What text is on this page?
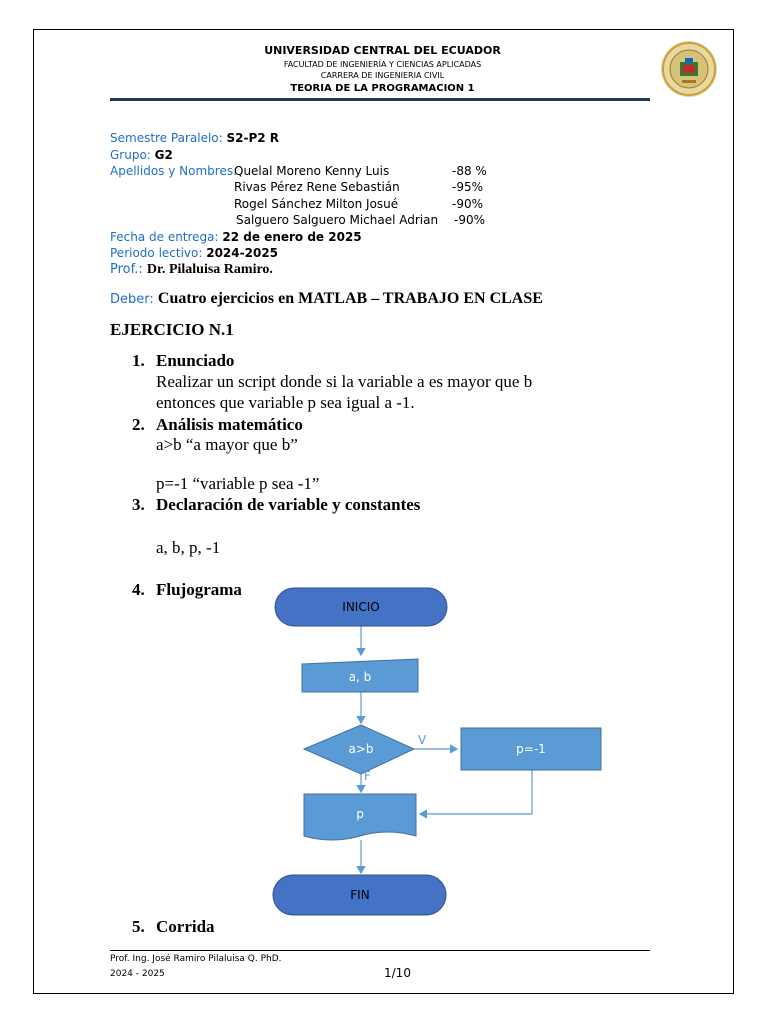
UNIVERSIDAD CENTRAL DEL ECUADOR
FACULTAD DE INGENIERÍA Y CIENCIAS APLICADAS
CARRERA DE INGENIERIA CIVIL
TEORIA DE LA PROGRAMACION 1
Semestre Paralelo: S2-P2 R
Grupo: G2
Apellidos y Nombres:
Quelal Moreno Kenny Luis	-88 %
Rivas Pérez Rene Sebastián	-95%
Rogel Sánchez Milton Josué	-90%
Salguero Salguero Michael Adrian -90%
Fecha de entrega: 22 de enero de 2025
Periodo lectivo: 2024-2025
Prof.: Dr. Pilaluisa Ramiro.
Deber: Cuatro ejercicios en MATLAB – TRABAJO EN CLASE
EJERCICIO N.1
1. Enunciado
Realizar un script donde si la variable a es mayor que b
entonces que variable p sea igual a -1.
2. Análisis matemático
a>b “a mayor que b”
p=-1 “variable p sea -1”
3. Declaración de variable y constantes
a, b, p, -1
4. Flujograma
INICIO
a, b
a>b
V
F
p=-1
p
FIN
5. Corrida
Prof. Ing. José Ramiro Pilaluisa Q. PhD.
2024 - 2025	1/10
